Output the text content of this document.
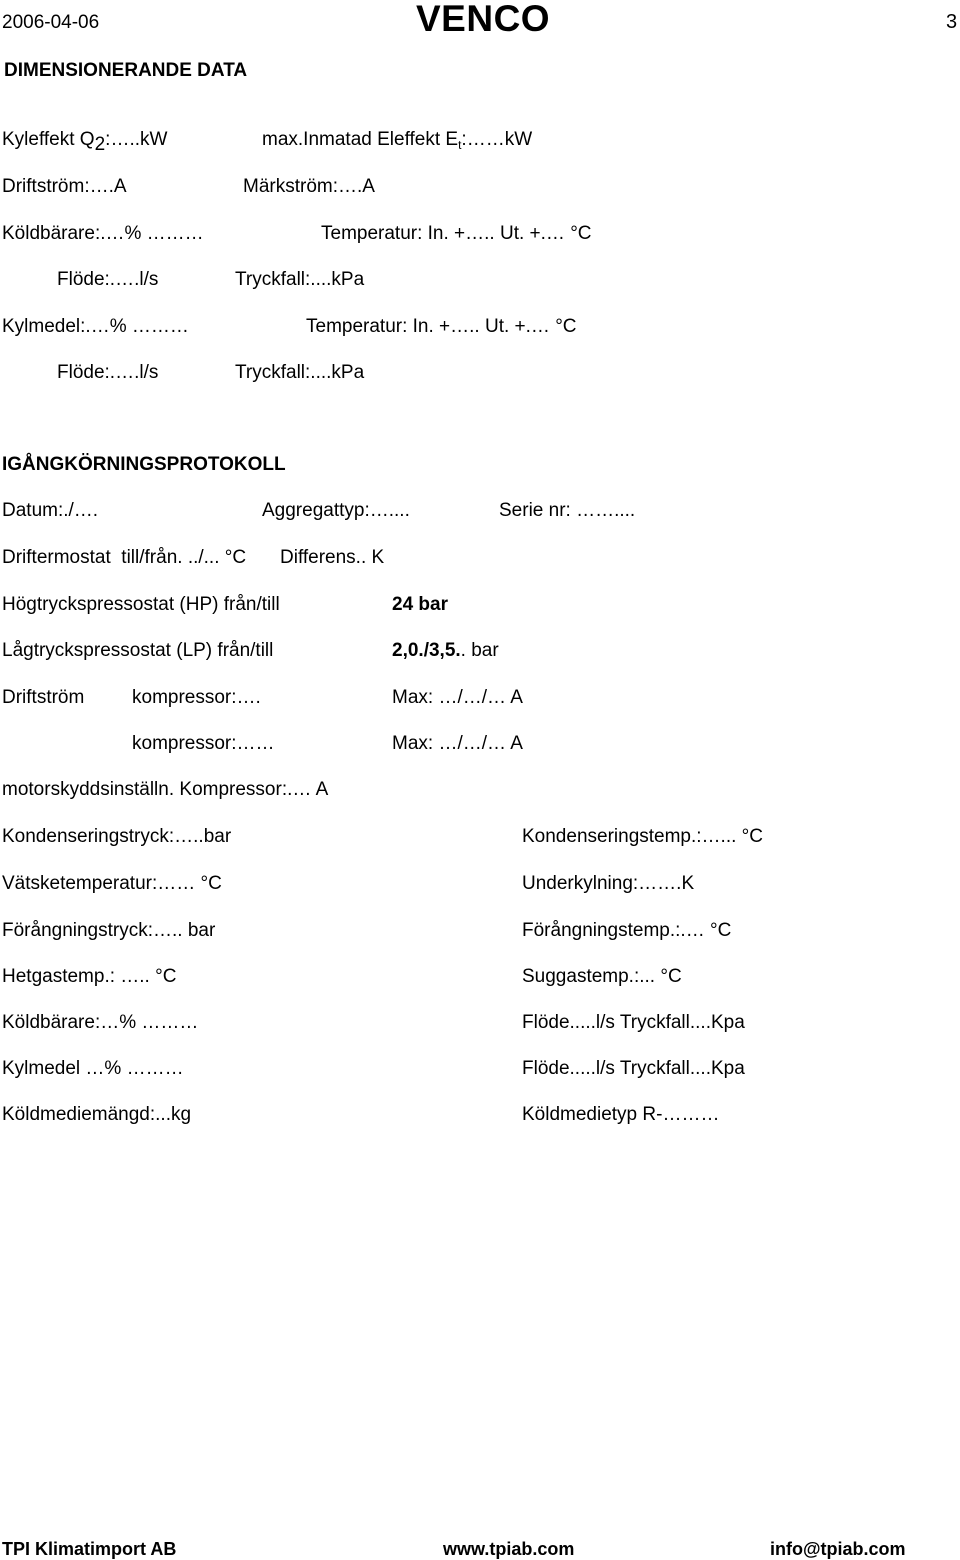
2006-04-06	VENCO	3
DIMENSIONERANDE DATA
Kyleffekt Q2:…..kW	max.Inmatad Eleffekt $E_t:\dots\dots kW$
Driftström:….A	Märkström:….A
Köldbärare:.…% ………	Temperatur: In. +….. Ut. +.… °C
Flöde:.….l/s	Tryckfall:....kPa
Kylmedel:.…% ………	Temperatur: In. +….. Ut. +.… °C
Flöde:.….l/s	Tryckfall:....kPa
IGÅNGKÖRNINGSPROTOKOLL
Datum:./….	Aggregattyp:…....	Serie nr: ……....
Driftermostat  till/från. ../... °C Differens.. K
Högtryckspressostat (HP) från/till	24 bar
Lågtryckspressostat (LP) från/till	2,0./3,5.. bar
Driftström	kompressor:….	Max: …/…/… A
kompressor:……	Max: …/…/… A
motorskyddsinställn. Kompressor:.… A
Kondenseringstryck:…..bar	Kondenseringstemp.:…... °C
Vätsketemperatur:…… °C	Underkylning:…….K
Förångningstryck:….. bar	Förångningstemp.:.… °C
Hetgastemp.: ….. °C	Suggastemp.:... °C
Köldbärare:…% ………	Flöde.....l/s Tryckfall....Kpa
Kylmedel …% ………	Flöde.....l/s Tryckfall....Kpa
Köldmediemängd:...kg	Köldmedietyp R-………
TPI Klimatimport AB	www.tpiab.com	info@tpiab.com
